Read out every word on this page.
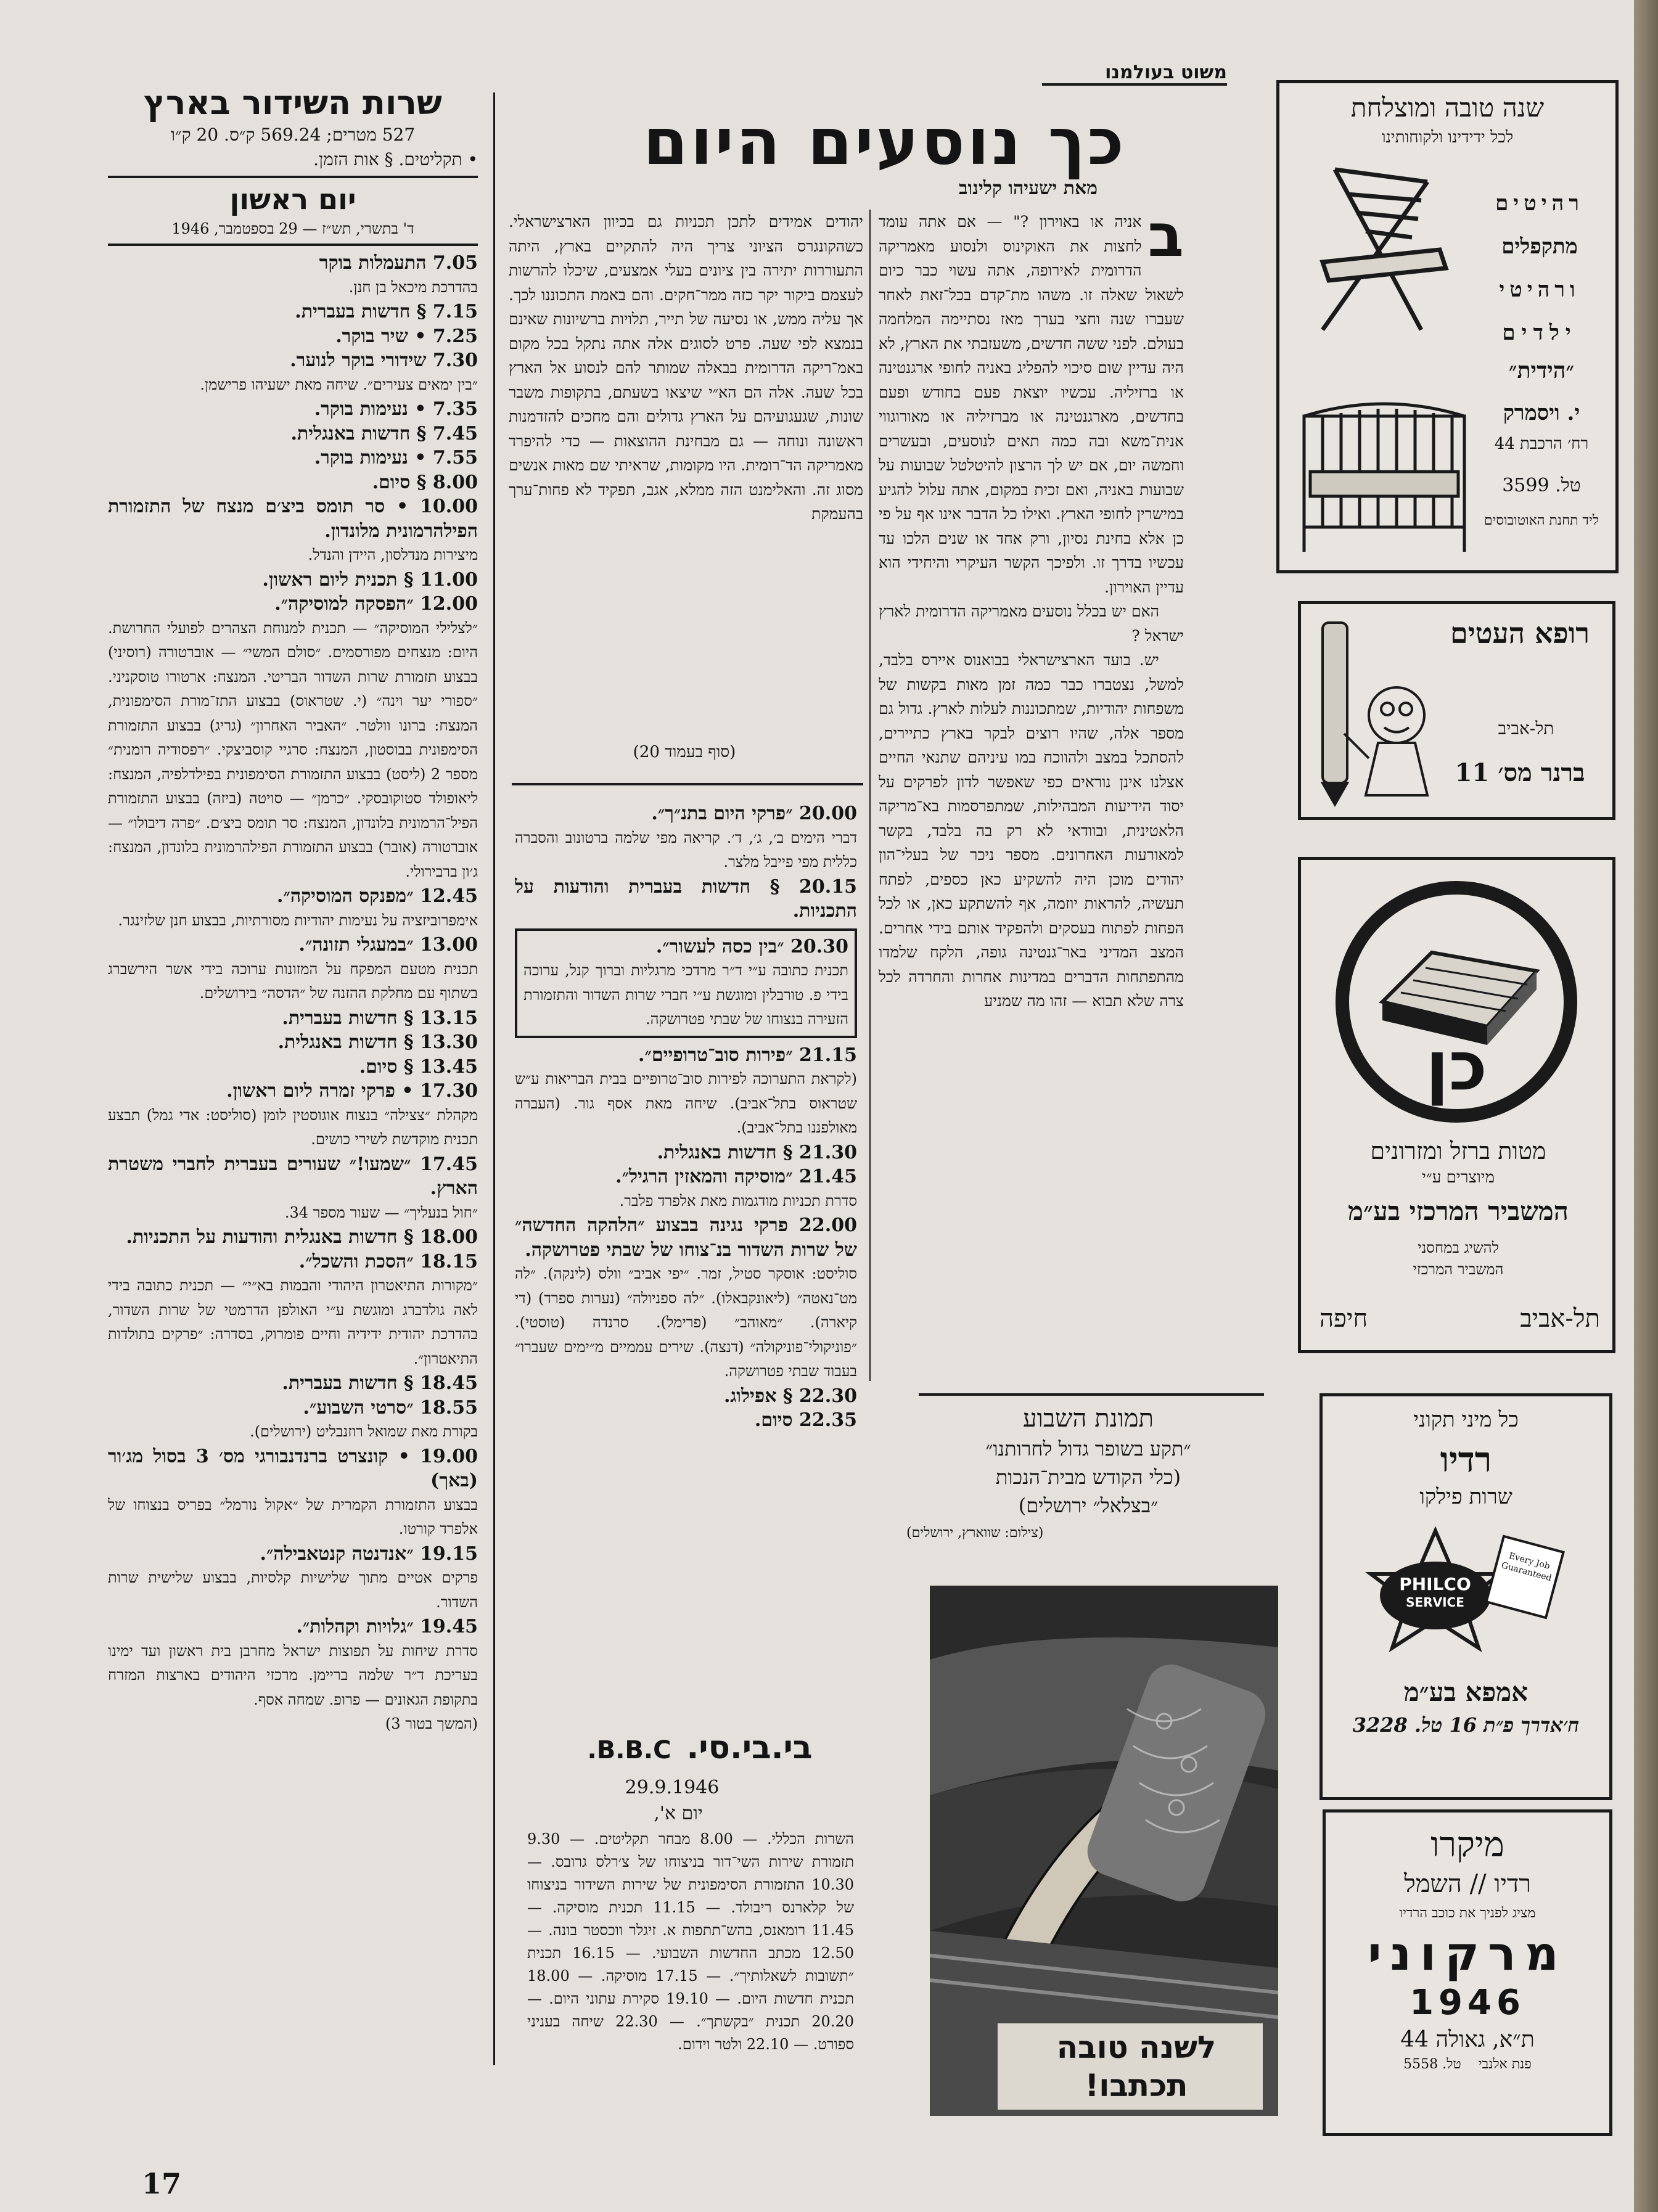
שרות השידור בארץ
527 מטרים; 569.24 ק״ס. 20 ק״ו
• תקליטים. § אות הזמן.
יום ראשון
ד' בתשרי, תש״ז — 29 בספטמבר, 1946

7.05 התעמלות בוקר

בהדרכת מיכאל בן חנן.

7.15 § חדשות בעברית.

7.25 • שיר בוקר.

7.30 שידורי בוקר לנוער.

״בין ימאים צעירים״. שיחה מאת ישעיהו פרישמן.

7.35 • נעימות בוקר.

7.45 § חדשות באנגלית.

7.55 • נעימות בוקר.

8.00 § סיום.

10.00 • סר תומס ביצ׳ם מנצח של התזמורת הפילהרמונית מלונדון.

מיצירות מנדלסון, היידן והנדל.

11.00 § תכנית ליום ראשון.

12.00 ״הפסקה למוסיקה״.

״לצלילי המוסיקה״ — תכנית למנוחת הצהרים לפועלי החרושת. היום: מנצחים מפורסמים. ״סולם המשי״ — אוברטורה (רוסיני) בבצוע תזמורת שרות השדור הבריטי. המנצח: ארטורו טוסקניני. ״ספורי יער וינה״ (י. שטראוס) בבצוע התז־מורת הסימפונית, המנצח: ברונו וולטר. ״האביר האחרון״ (גריג) בבצוע התזמורת הסימפונית בבוסטון, המנצח: סרגיי קוסביצקי. ״רפסודיה רומנית״ מספר 2 (ליסט) בבצוע התזמורת הסימפונית בפילדלפיה, המנצח: ליאופולד סטוקובסקי. ״כרמן״ — סויטה (ביזה) בבצוע התזמורת הפיל־הרמונית בלונדון, המנצח: סר תומס ביצ׳ם. ״פרה דיבולו״ — אוברטורה (אובר) בבצוע התזמורת הפילהרמונית בלונדון, המנצח: ג׳ון ברבירולי.

12.45 ״מפנקס המוסיקה״.

אימפרוביזציה על נעימות יהודיות מסורתיות, בבצוע חנן שלזינגר.

13.00 ״במעגלי תזונה״.

תכנית מטעם המפקח על המזונות ערוכה בידי אשר הירשברג בשתוף עם מחלקת ההזנה של ״הדסה״ בירושלים.

13.15 § חדשות בעברית.

13.30 § חדשות באנגלית.

13.45 § סיום.

17.30 • פרקי זמרה ליום ראשון.

מקהלת ״צצילה״ בנצוח אוגוסטין לומן (סוליסט: אדי גמל) תבצע תכנית מוקדשת לשירי כושים.

17.45 ״שמעו!״ שעורים בעברית לחברי משטרת הארץ.

״חול בנעליך״ — שעור מספר 34.

18.00 § חדשות באנגלית והודעות על התכניות.

18.15 ״הסכת והשכל״.

״מקורות התיאטרון היהודי והבמות בא״י״ — תכנית כתובה בידי לאה גולדברג ומוגשת ע״י האולפן הדרמטי של שרות השדור, בהדרכת יהודית ידידיה וחיים פומרוק, בסדרה: ״פרקים בתולדות התיאטרון״.

18.45 § חדשות בעברית.

18.55 ״סרטי השבוע״.

בקורת מאת שמואל רוזנבליט (ירושלים).

19.00 • קונצרט ברנדנבורגי מס׳ 3 בסול מג׳ור (באך)

בבצוע התזמורת הקמרית של ״אקול נורמל״ בפריס בנצוחו של אלפרד קורטו.

19.15 ״אנדנטה קנטאבילה״.

פרקים אטיים מתוך שלישיות קלסיות, בבצוע שלישית שרות השדור.

19.45 ״גלויות וקהלות״.

סדרת שיחות על תפוצות ישראל מחרבן בית ראשון ועד ימינו בעריכת ד״ר שלמה בריימן. מרכזי היהודים בארצות המזרח בתקופת הגאונים — פרופ. שמחה אסף.

(המשך בטור 3)

משוט בעולמנו
כך נוסעים היום
מאת ישעיהו קלינוב
ב

אניה או באוירון ?" — אם אתה עומד לחצות את האוקינוס ולנסוע מאמריקה הדרומית לאירופה, אתה עשוי כבר כיום לשאול שאלה זו. משהו מת־קדם בכל־זאת לאחר שעברו שנה וחצי בערך מאז נסתיימה המלחמה בעולם. לפני ששה חדשים, משעזבתי את הארץ, לא היה עדיין שום סיכוי להפליג באניה לחופי ארגנטינה או ברזיליה. עכשיו יוצאת פעם בחודש ופעם בחדשים, מארגנטינה או מברזיליה או מאורוגווי אנית־משא ובה כמה תאים לנוסעים, ובעשרים וחמשה יום, אם יש לך הרצון להיטלטל שבועות על שבועות באניה, ואם זכית במקום, אתה עלול להגיע במישרין לחופי הארץ. ואילו כל הדבר אינו אף על פי כן אלא בחינת נסיון, ורק אחד או שנים הלכו עד עכשיו בדרך זו. ולפיכך הקשר העיקרי והיחידי הוא עדיין האוירון.

האם יש בכלל נוסעים מאמריקה הדרומית לארץ ישראל ?

יש. בועד הארצישראלי בבואנוס איירס בלבד, למשל, נצטברו כבר כמה זמן מאות בקשות של משפחות יהודיות, שמתכוננות לעלות לארץ. גדול גם מספר אלה, שהיו רוצים לבקר בארץ כתיירים, להסתכל במצב ולהווכח במו עיניהם שתנאי החיים אצלנו אינן נוראים כפי שאפשר לדון לפרקים על יסוד הידיעות המבהילות, שמתפרסמות בא־מריקה הלאטינית, ובוודאי לא רק בה בלבד, בקשר למאורעות האחרונים. מספר ניכר של בעלי־הון יהודים מוכן היה להשקיע כאן כספים, לפתח תעשיה, להראות יוזמה, אף להשתקע כאן, או לכל הפחות לפתוח בעסקים ולהפקיד אותם בידי אחרים. המצב המדיני באר־גנטינה גופה, הלקח שלמדו מהתפתחות הדברים במדינות אחרות והחרדה לכל צרה שלא תבוא — זהו מה שמניע

יהודים אמידים לתכן תכניות גם בכיוון הארצישראלי. כשהקונגרס הציוני צריך היה להתקיים בארץ, היתה התעוררות יתירה בין ציונים בעלי אמצעים, שיכלו להרשות לעצמם ביקור יקר כזה ממר־חקים. והם באמת התכוננו לכך. אך עליה ממש, או נסיעה של תייר, תלויות ברשיונות שאינם בנמצא לפי שעה. פרט לסוגים אלה אתה נתקל בכל מקום באמ־ריקה הדרומית בבאלה שמותר להם לנסוע אל הארץ בכל שעה. אלה הם הא״י שיצאו בשעתם, בתקופות משבר שונות, שגעגועיהם על הארץ גדולים והם מחכים להזדמנות ראשונה ונוחה — גם מבחינת ההוצאות — כדי להיפרד מאמריקה הד־רומית. היו מקומות, שראיתי שם מאות אנשים מסוג זה. והאלימנט הזה ממלא, אגב, תפקיד לא פחות־ערך בהעמקת

(סוף בעמוד 20)

20.00 ״פרקי היום בתנ״ך״.

דברי הימים ב׳, ג׳, ד׳. קריאה מפי שלמה ברטונוב והסברה כללית מפי פייבל מלצר.

20.15 § חדשות בעברית והודעות על התכניות.

20.30 ״בין כסה לעשור״.

תכנית כתובה ע״י ד״ר מרדכי מרגליות וברוך קנל, ערוכה בידי פ. טורבלין ומוגשת ע״י חברי שרות השדור והתזמורת הזעירה בנצוחו של שבתי פטרושקה.

21.15 ״פירות סוב־טרופיים״.

(לקראת התערוכה לפירות סוב־טרופיים בבית הבריאות ע״ש שטראוס בתל־אביב). שיחה מאת אסף גור. (העברה מאולפננו בתל־אביב).

21.30 § חדשות באנגלית.

21.45 ״מוסיקה והמאזין הרגיל״.

סדרת תכניות מודגמות מאת אלפרד פלבר.

22.00 פרקי נגינה בבצוע ״הלהקה החדשה״ של שרות השדור בנ־צוחו של שבתי פטרושקה.

סוליסט: אוסקר סטיל, זמר. ״יפי אביב״ וולס (לינקה). ״לה מט־נאטה״ (ליאונקבאלו). ״לה ספניולה״ (נערות ספרד) (די קיארה). ״מאוהב״ (פרימל). סרנדה (טוסטי). ״פוניקולי־פוניקולה״ (דנצה). שירים עממיים מ״ימים שעברו״ בעבוד שבתי פטרושקה.

22.30 § אפילוג.

22.35 סיום.

בי.בי.סי. B.B.C.
29.9.1946
יום א',

השרות הכללי. — 8.00 מבחר תקליטים. — 9.30 תזמורת שירות השי־דור בניצוחו של צ׳רלס גרובס. — 10.30 התזמורת הסימפונית של שירות השידור בניצוחו של קלארנס ריבולד. — 11.15 תכנית מוסיקה. — 11.45 רומאנס, בהש־תתפות א. זיגלר ווכסטר בונה. — 12.50 מכתב החדשות השבועי. — 16.15 תכנית ״תשובות לשאלותיך״. — 17.15 מוסיקה. — 18.00 תכנית חדשות היום. — 19.10 סקירת עתוני היום. — 20.20 תכנית ״בקשתך״. — 22.30 שיחה בעניני ספורט. — 22.10 ולטר וידום.

תמונת השבוע
״תקע בשופר גדול לחרותנו״
(כלי הקודש מבית־הנכות
״בצלאל״ ירושלים)
(צילום: שווארץ, ירושלים)
לשנה טובה
תכתבו!
שנה טובה ומוצלחת
לכל ידידינו ולקוחותינו
רהיטים
מתקפלים
ורהיטי
ילדים
״הידית״
י. ויסמרק
רח׳ הרכבת 44
טל. 3599
ליד תחנת האוטובוסים
רופא העטים
תל-אביב
ברנר מס׳ 11
כן
מטות ברזל ומזרונים
מיוצרים ע״י
המשביר המרכזי בע״מ
להשיג במחסני
המשביר המרכזי
תל-אביב
חיפה
כל מיני תקוני
רדיו
שרות פילקו
PHILCO
SERVICE
Every Job Guaranteed
אמפא בע״מ
ח׳אדרך פ״ת 16 טל. 3228
מיקרו
רדיו // השמל
מציג לפניך את כוכב הרדיו
מרקוני
1946
ת״א, גאולה 44
פנת אלנבי    טל. 5558
17
